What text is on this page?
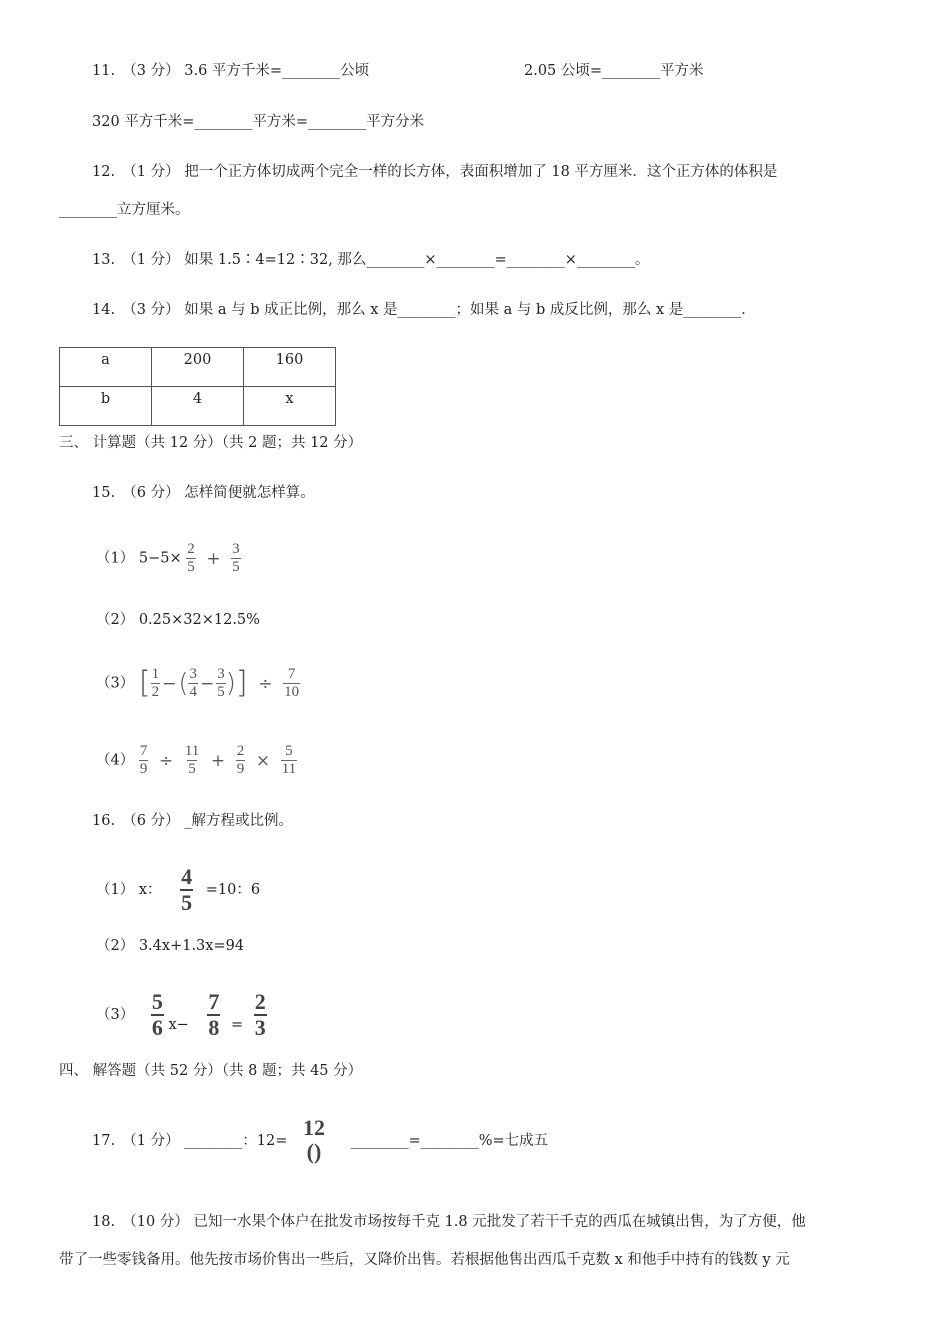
11.　（3 分） 3.6 平方千米=________公顷	2.05 公顷=________平方米
320 平方千米=________平方米=________平方分米
12.　（1 分） 把一个正方体切成两个完全一样的长方体，表面积增加了 18 平方厘米．这个正方体的体积是
________立方厘米。
13.　（1 分） 如果 1.5∶4=12∶32, 那么________×________=________×________。
14.　（3 分） 如果 a 与 b 成正比例，那么 x 是________；如果 a 与 b 成反比例，那么 x 是________．
a	200	160
b	4	x
三、 计算题（共 12 分）（共 2 题；共 12 分）
15.　（6 分） 怎样简便就怎样算。
（1） $5-5\times \frac{2}{5} + \frac{3}{5}$
（2） 0.25×32×12.5%
（3） [ $\frac{1}{2}$ −( $\frac{3}{4} - \frac{3}{5}$ )] ÷ $\frac{7}{10}$
$(4) \frac{7}{9} \div \frac{11}{5} + \frac{2}{9} \times \frac{5}{11}$
16.　（6 分） _解方程或比例。
（1） x： $\frac{4}{5} =10$：6
（2） 3.4x+1.3x=94
$(3) \frac{5}{6} x- \frac{7}{8} = \frac{2}{3}$
四、 解答题（共 52 分）（共 8 题；共 45 分）
17.　（1 分） ________：12=
12
() ________=________%=七成五
18.　（10 分） 已知一水果个体户在批发市场按每千克 1.8 元批发了若干千克的西瓜在城镇出售，为了方便，他
带了一些零钱备用。他先按市场价售出一些后，又降价出售。若根据他售出西瓜千克数 x 和他手中持有的钱数 y 元
